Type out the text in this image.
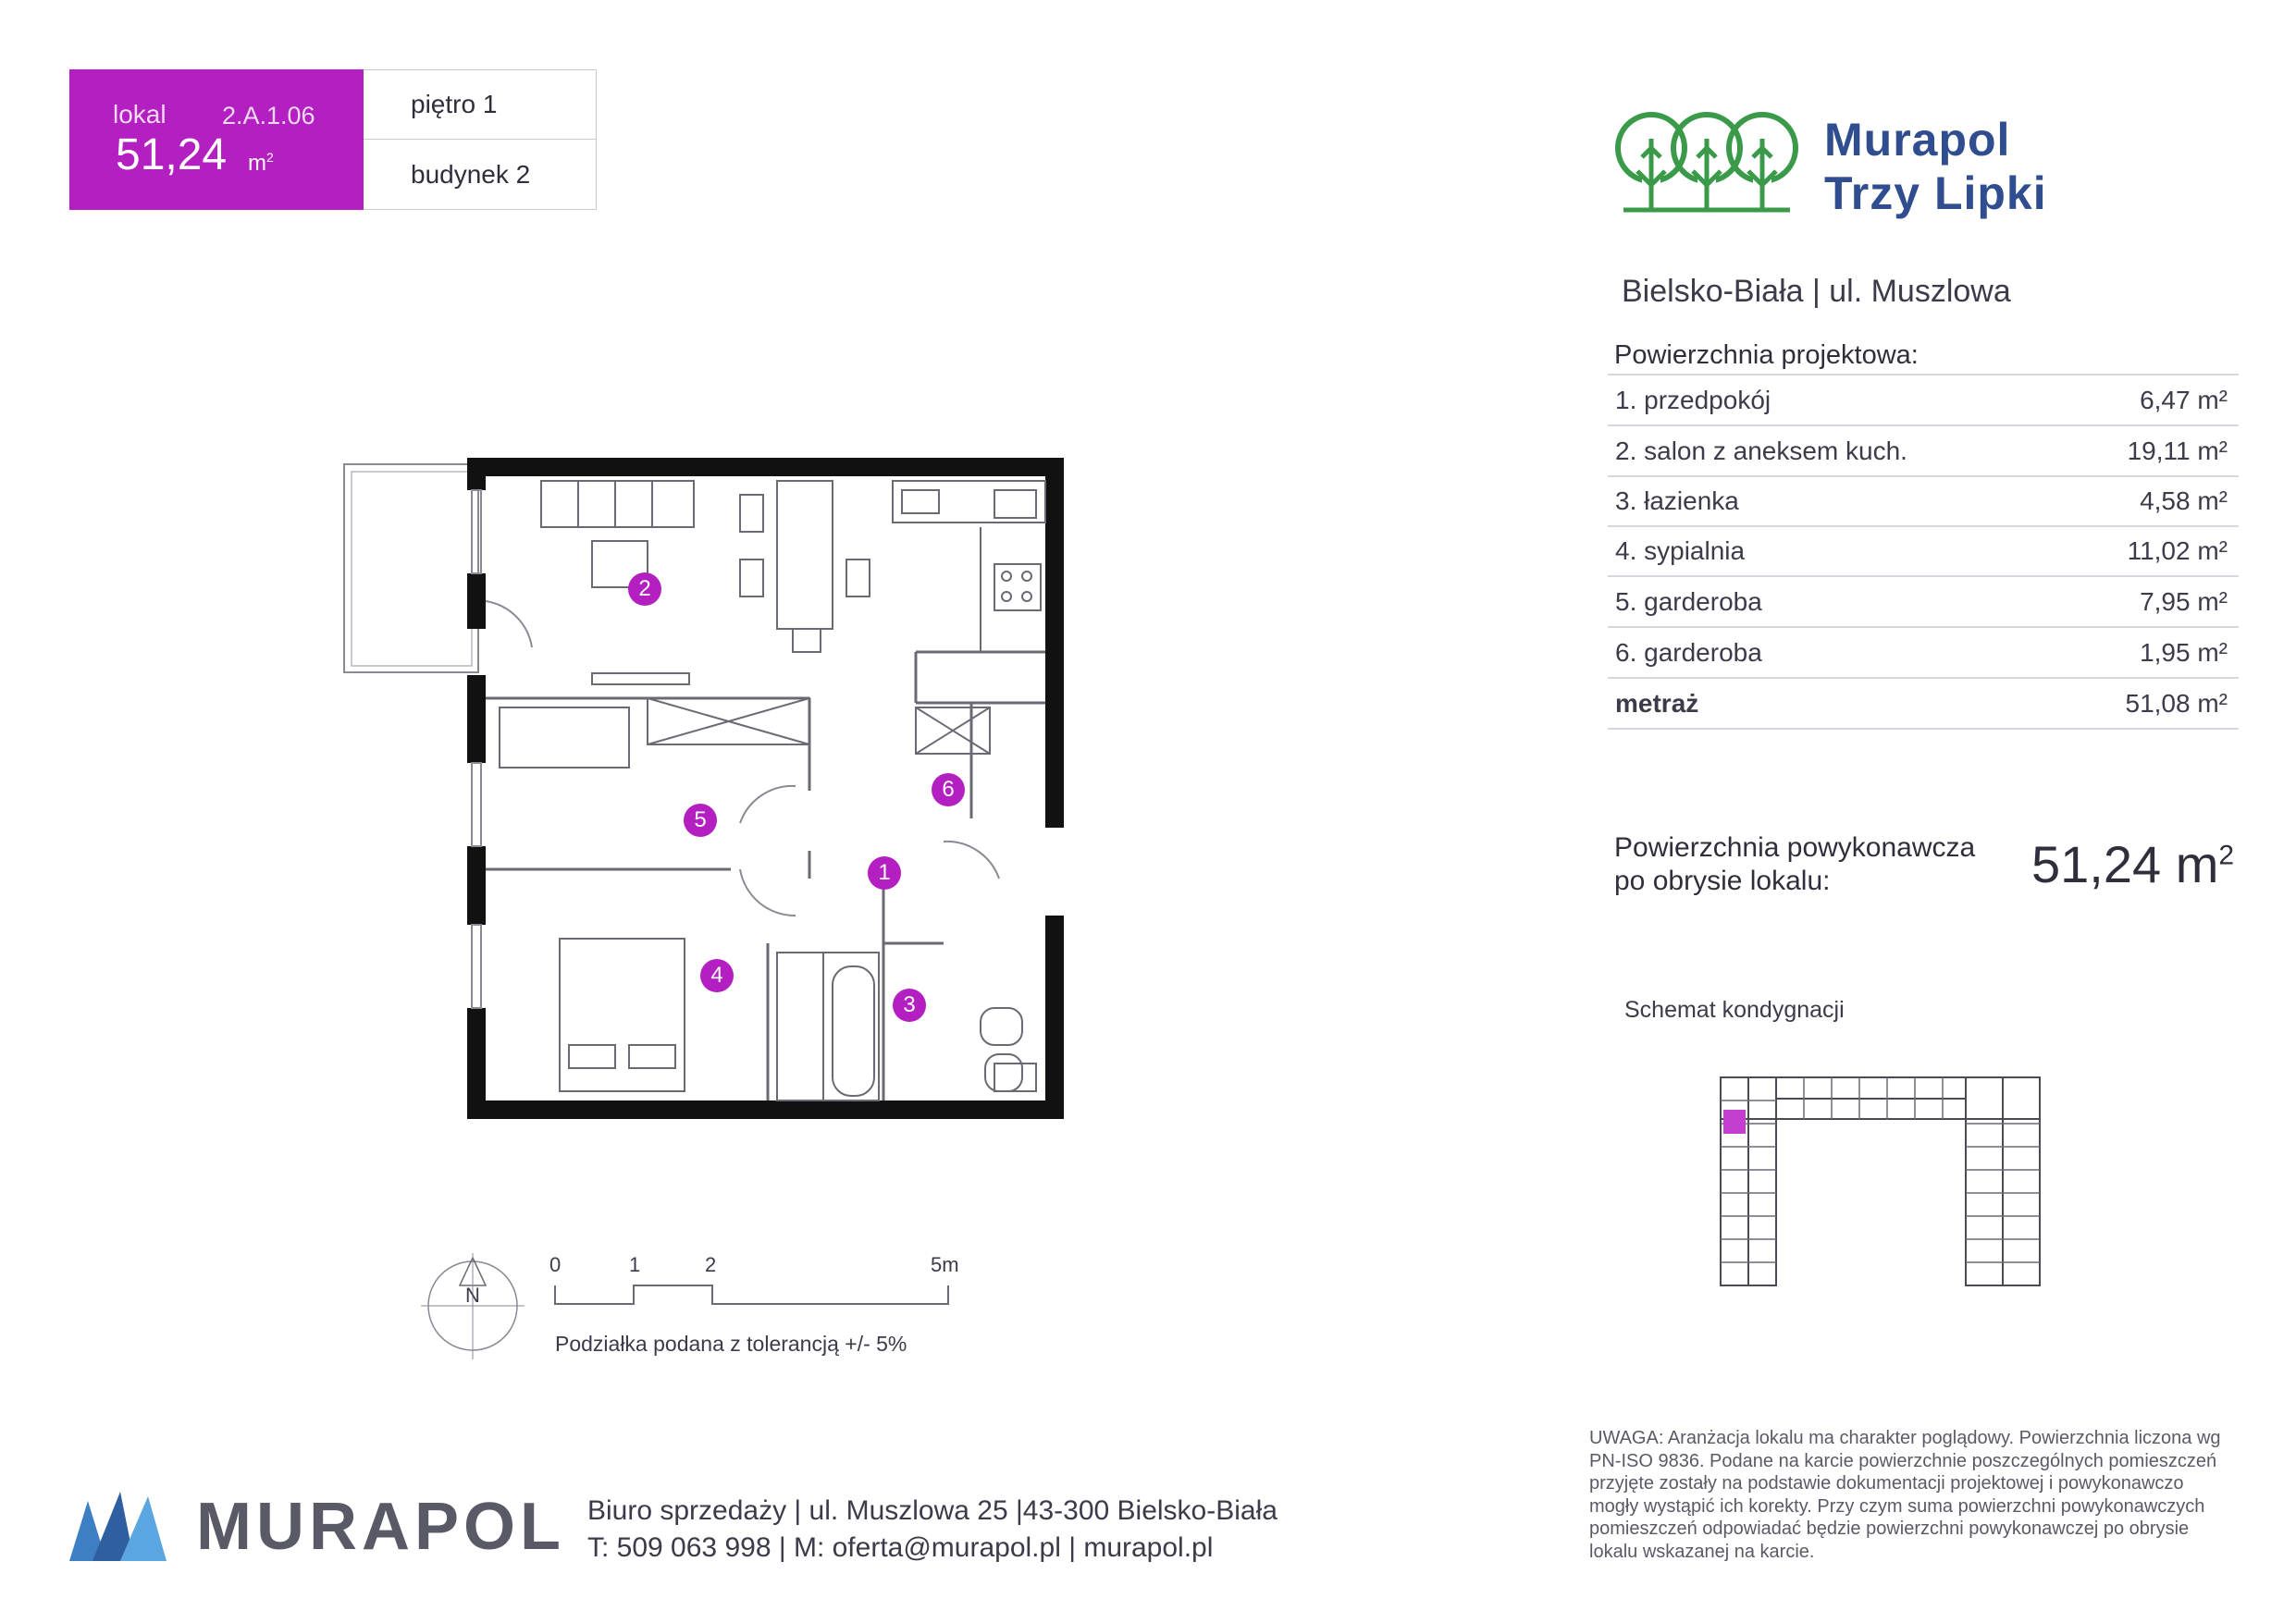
lokal 2.A.1.06
51,24 $m^2$
piętro 1
budynek 2
Murapol
Trzy Lipki
Bielsko-Biała | ul. Muszlowa
Powierzchnia projektowa:
1. przedpokój	6,47 m²
2. salon z aneksem kuch.	19,11 m²
3. łazienka	4,58 m²
4. sypialnia	11,02 m²
5. garderoba	7,95 m²
6. garderoba	1,95 m²
metraż	51,08 m²
Powierzchnia powykonawcza
po obrysie lokalu:	51,24 $m^2$
Schemat kondygnacji
2
5
6
1
4
3
N
0	1	2	5m
Podziałka podana z tolerancją +/- 5%
MURAPOL Biuro sprzedaży | ul. Muszlowa 25 |43-300 Bielsko-Biała
T: 509 063 998 | M: oferta@murapol.pl | murapol.pl
UWAGA: Aranżacja lokalu ma charakter poglądowy. Powierzchnia liczona wg PN-ISO 9836. Podane na karcie powierzchnie poszczególnych pomieszczeń przyjęte zostały na podstawie dokumentacji projektowej i powykonawczo mogły wystąpić ich korekty. Przy czym suma powierzchni powykonawczych pomieszczeń odpowiadać będzie powierzchni powykonawczej po obrysie lokalu wskazanej na karcie.
